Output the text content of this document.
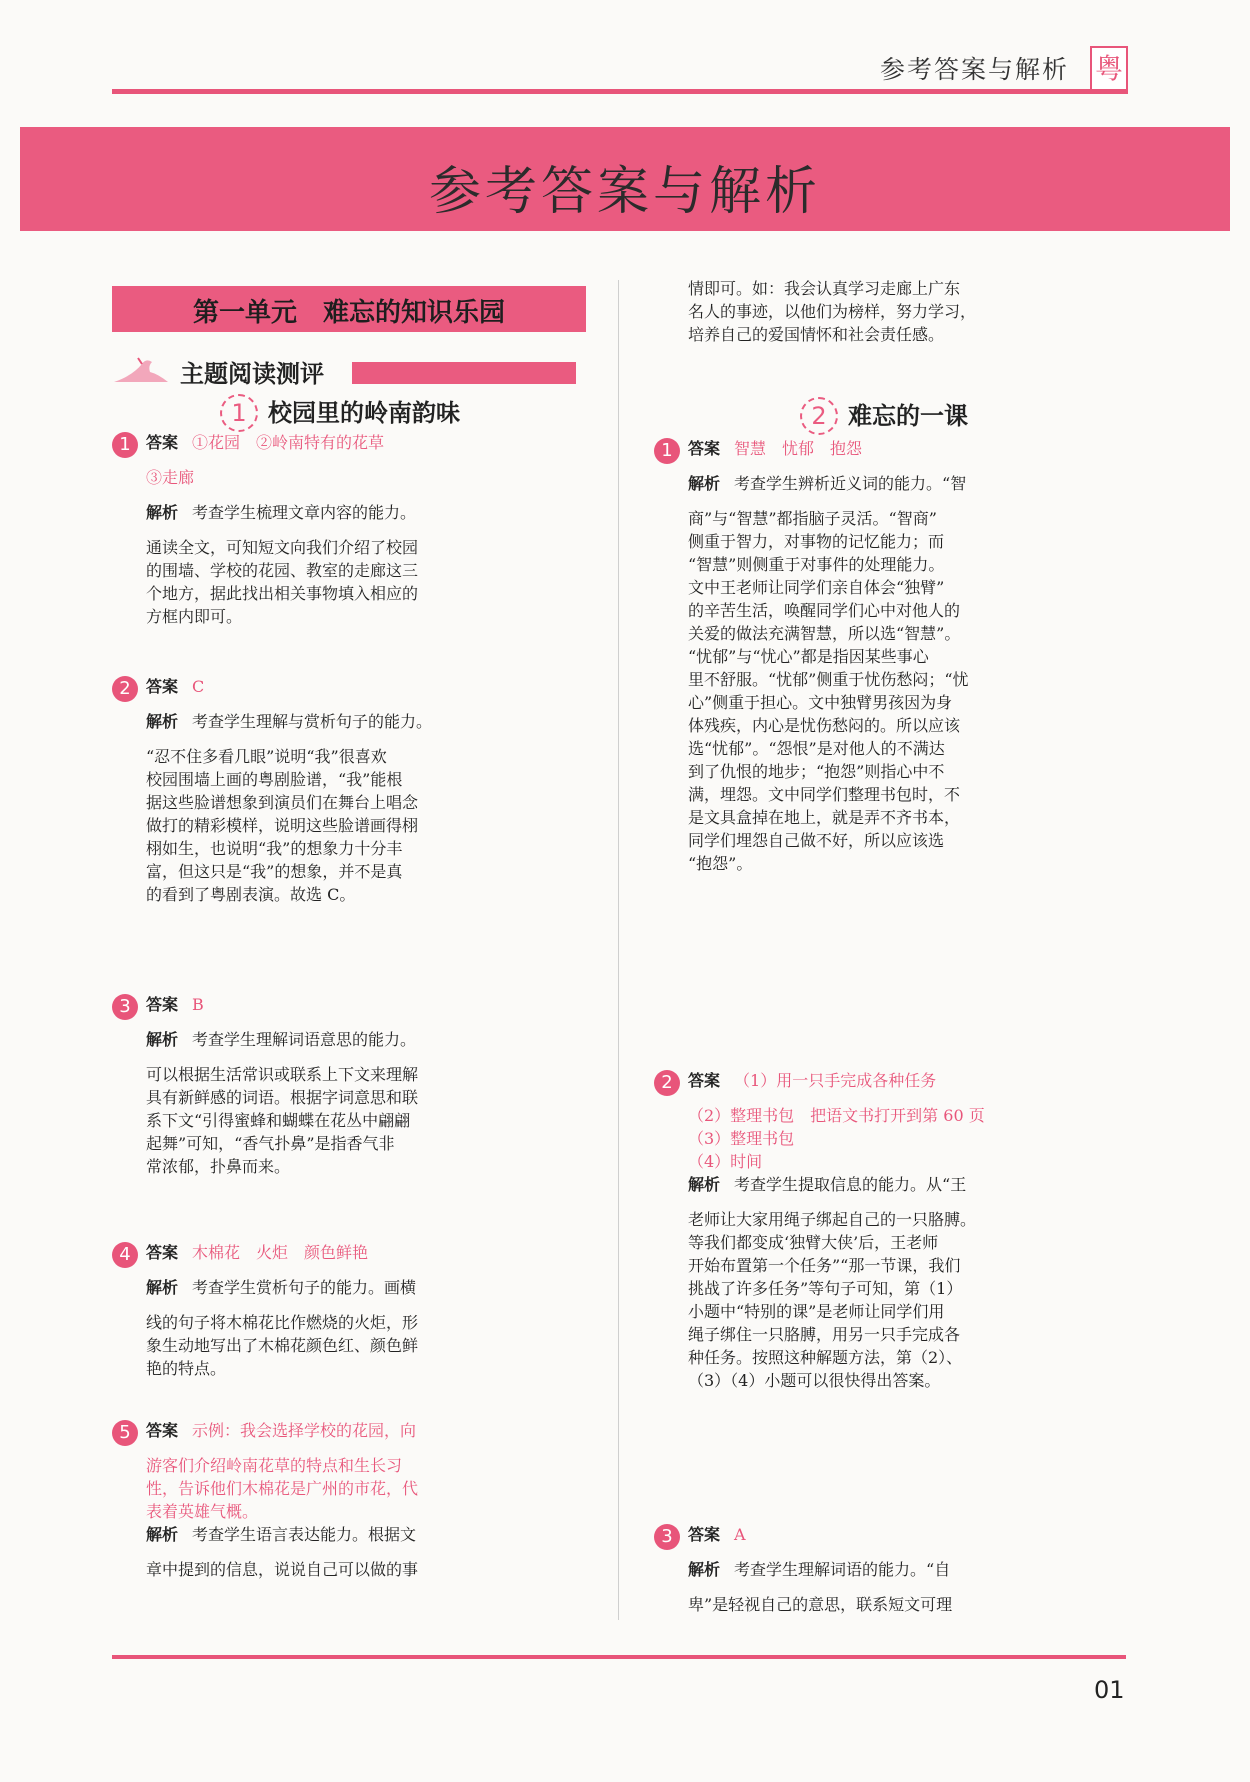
参考答案与解析 粤
参考答案与解析
第一单元　难忘的知识乐园
主题阅读测评
1 校园里的岭南韵味
1 答案 ①花园　②岭南特有的花草
③走廊
解析 考查学生梳理文章内容的能力。
通读全文，可知短文向我们介绍了校园
的围墙、学校的花园、教室的走廊这三
个地方，据此找出相关事物填入相应的
方框内即可。
2 答案 C
解析 考查学生理解与赏析句子的能力。
“忍不住多看几眼”说明“我”很喜欢
校园围墙上画的粤剧脸谱，“我”能根
据这些脸谱想象到演员们在舞台上唱念
做打的精彩模样，说明这些脸谱画得栩
栩如生，也说明“我”的想象力十分丰
富，但这只是“我”的想象，并不是真
的看到了粤剧表演。故选 C。
3 答案 B
解析 考查学生理解词语意思的能力。
可以根据生活常识或联系上下文来理解
具有新鲜感的词语。根据字词意思和联
系下文“引得蜜蜂和蝴蝶在花丛中翩翩
起舞”可知，“香气扑鼻”是指香气非
常浓郁，扑鼻而来。
4 答案 木棉花　火炬　颜色鲜艳
解析 考查学生赏析句子的能力。画横
线的句子将木棉花比作燃烧的火炬，形
象生动地写出了木棉花颜色红、颜色鲜
艳的特点。
5 答案 示例：我会选择学校的花园，向
游客们介绍岭南花草的特点和生长习
性，告诉他们木棉花是广州的市花，代
表着英雄气概。
解析 考查学生语言表达能力。根据文
章中提到的信息，说说自己可以做的事
情即可。如：我会认真学习走廊上广东
名人的事迹，以他们为榜样，努力学习，
培养自己的爱国情怀和社会责任感。
2 难忘的一课
1 答案 智慧　忧郁　抱怨
解析 考查学生辨析近义词的能力。“智
商”与“智慧”都指脑子灵活。“智商”
侧重于智力，对事物的记忆能力；而
“智慧”则侧重于对事件的处理能力。
文中王老师让同学们亲自体会“独臂”
的辛苦生活，唤醒同学们心中对他人的
关爱的做法充满智慧，所以选“智慧”。
“忧郁”与“忧心”都是指因某些事心
里不舒服。“忧郁”侧重于忧伤愁闷；“忧
心”侧重于担心。文中独臂男孩因为身
体残疾，内心是忧伤愁闷的。所以应该
选“忧郁”。“怨恨”是对他人的不满达
到了仇恨的地步；“抱怨”则指心中不
满，埋怨。文中同学们整理书包时，不
是文具盒掉在地上，就是弄不齐书本，
同学们埋怨自己做不好，所以应该选
“抱怨”。
2 答案 （1）用一只手完成各种任务
（2）整理书包　把语文书打开到第 60 页
（3）整理书包
（4）时间
解析 考查学生提取信息的能力。从“王
老师让大家用绳子绑起自己的一只胳膊。
等我们都变成‘独臂大侠’后，王老师
开始布置第一个任务”“那一节课，我们
挑战了许多任务”等句子可知，第（1）
小题中“特别的课”是老师让同学们用
绳子绑住一只胳膊，用另一只手完成各
种任务。按照这种解题方法，第（2）、
（3）（4）小题可以很快得出答案。
3 答案 A
解析 考查学生理解词语的能力。“自
卑”是轻视自己的意思，联系短文可理
01
